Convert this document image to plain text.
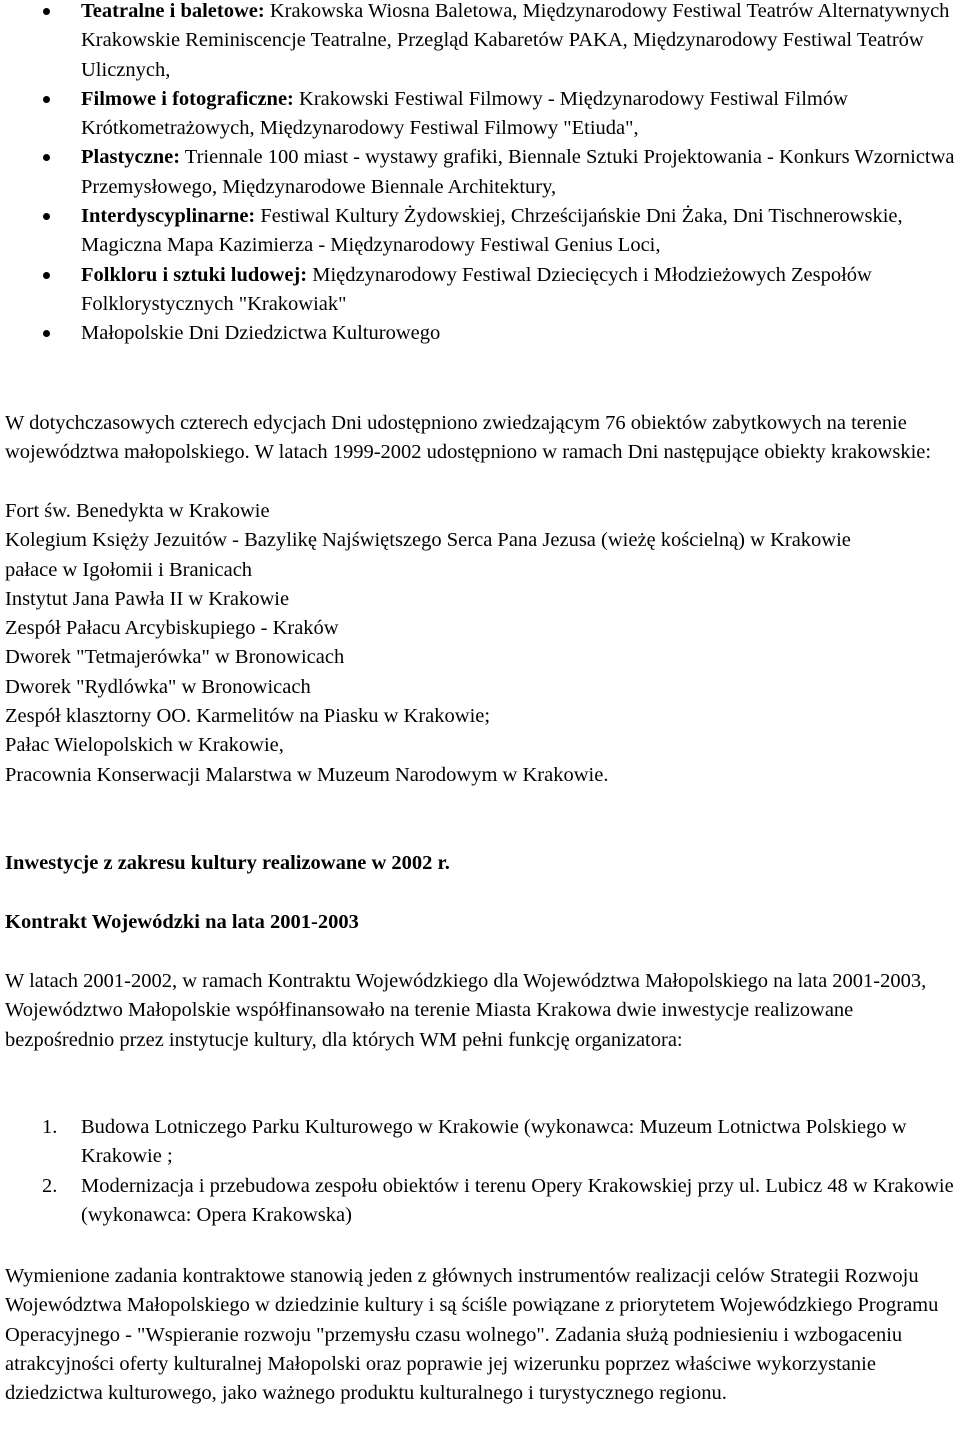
Teatralne i baletowe: Krakowska Wiosna Baletowa, Międzynarodowy Festiwal Teatrów Alternatywnych Krakowskie Reminiscencje Teatralne, Przegląd Kabaretów PAKA, Międzynarodowy Festiwal Teatrów Ulicznych,
Filmowe i fotograficzne: Krakowski Festiwal Filmowy - Międzynarodowy Festiwal Filmów Krótkometrażowych, Międzynarodowy Festiwal Filmowy "Etiuda",
Plastyczne: Triennale 100 miast - wystawy grafiki, Biennale Sztuki Projektowania - Konkurs Wzornictwa Przemysłowego, Międzynarodowe Biennale Architektury,
Interdyscyplinarne: Festiwal Kultury Żydowskiej, Chrześcijańskie Dni Żaka, Dni Tischnerowskie, Magiczna Mapa Kazimierza - Międzynarodowy Festiwal Genius Loci,
Folkloru i sztuki ludowej: Międzynarodowy Festiwal Dziecięcych i Młodzieżowych Zespołów Folklorystycznych "Krakowiak"
Małopolskie Dni Dziedzictwa Kulturowego
W dotychczasowych czterech edycjach Dni udostępniono zwiedzającym 76 obiektów zabytkowych na terenie województwa małopolskiego. W latach 1999-2002 udostępniono w ramach Dni następujące obiekty krakowskie:
Fort św. Benedykta w Krakowie
Kolegium Księży Jezuitów - Bazylikę Najświętszego Serca Pana Jezusa (wieżę kościelną) w Krakowie
pałace w Igołomii i Branicach
Instytut Jana Pawła II w Krakowie
Zespół Pałacu Arcybiskupiego - Kraków
Dworek "Tetmajerówka" w Bronowicach
Dworek "Rydlówka" w Bronowicach
Zespół klasztorny OO. Karmelitów na Piasku w Krakowie;
Pałac Wielopolskich w Krakowie,
Pracownia Konserwacji Malarstwa w Muzeum Narodowym w Krakowie.
Inwestycje z zakresu kultury realizowane w 2002 r.
Kontrakt Wojewódzki na lata 2001-2003
W latach 2001-2002, w ramach Kontraktu Wojewódzkiego dla Województwa Małopolskiego na lata 2001-2003, Województwo Małopolskie współfinansowało na terenie Miasta Krakowa dwie inwestycje realizowane bezpośrednio przez instytucje kultury, dla których WM pełni funkcję organizatora:
1. Budowa Lotniczego Parku Kulturowego w Krakowie (wykonawca: Muzeum Lotnictwa Polskiego w Krakowie ;
2. Modernizacja i przebudowa zespołu obiektów i terenu Opery Krakowskiej przy ul. Lubicz 48 w Krakowie (wykonawca: Opera Krakowska)
Wymienione zadania kontraktowe stanowią jeden z głównych instrumentów realizacji celów Strategii Rozwoju Województwa Małopolskiego w dziedzinie kultury i są ściśle powiązane z priorytetem Wojewódzkiego Programu Operacyjnego - "Wspieranie rozwoju "przemysłu czasu wolnego". Zadania służą podniesieniu i wzbogaceniu atrakcyjności oferty kulturalnej Małopolski oraz poprawie jej wizerunku poprzez właściwe wykorzystanie dziedzictwa kulturowego, jako ważnego produktu kulturalnego i turystycznego regionu.
